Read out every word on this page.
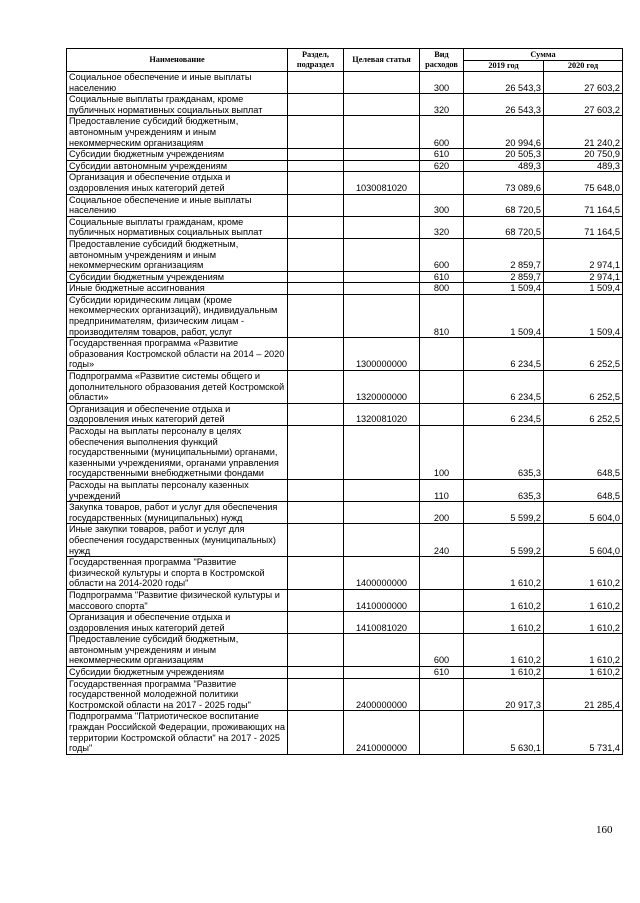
Наименование	Раздел, подраздел	Целевая статья	Вид расходов	Сумма	
				2019 год	2020 год
Социальное обеспечение и иные выплаты населению			300	26 543,3	27 603,2
Социальные выплаты гражданам, кроме публичных нормативных социальных выплат			320	26 543,3	27 603,2
Предоставление субсидий бюджетным, автономным учреждениям и иным некоммерческим организациям			600	20 994,6	21 240,2
Субсидии бюджетным учреждениям			610	20 505,3	20 750,9
Субсидии автономным учреждениям			620	489,3	489,3
Организация и обеспечение отдыха и оздоровления иных категорий детей		1030081020		73 089,6	75 648,0
Социальное обеспечение и иные выплаты населению			300	68 720,5	71 164,5
Социальные выплаты гражданам, кроме публичных нормативных социальных выплат			320	68 720,5	71 164,5
Предоставление субсидий бюджетным, автономным учреждениям и иным некоммерческим организациям			600	2 859,7	2 974,1
Субсидии бюджетным учреждениям			610	2 859,7	2 974,1
Иные бюджетные ассигнования			800	1 509,4	1 509,4
Субсидии юридическим лицам (кроме некоммерческих организаций), индивидуальным предпринимателям, физическим лицам - производителям товаров, работ, услуг			810	1 509,4	1 509,4
Государственная программа «Развитие образования Костромской области на 2014 – 2020 годы»		1300000000		6 234,5	6 252,5
Подпрограмма «Развитие системы общего и дополнительного образования детей Костромской области»		1320000000		6 234,5	6 252,5
Организация и обеспечение отдыха и оздоровления иных категорий детей		1320081020		6 234,5	6 252,5
Расходы на выплаты персоналу в целях обеспечения выполнения функций государственными (муниципальными) органами, казенными учреждениями, органами управления государственными внебюджетными фондами			100	635,3	648,5
Расходы на выплаты персоналу казенных учреждений			110	635,3	648,5
Закупка товаров, работ и услуг для обеспечения государственных (муниципальных) нужд			200	5 599,2	5 604,0
Иные закупки товаров, работ и услуг для обеспечения государственных (муниципальных) нужд			240	5 599,2	5 604,0
Государственная программа "Развитие физической культуры и спорта в Костромской области на 2014-2020 годы"		1400000000		1 610,2	1 610,2
Подпрограмма "Развитие физической культуры и массового спорта"		1410000000		1 610,2	1 610,2
Организация и обеспечение отдыха и оздоровления иных категорий детей		1410081020		1 610,2	1 610,2
Предоставление субсидий бюджетным, автономным учреждениям и иным некоммерческим организациям			600	1 610,2	1 610,2
Субсидии бюджетным учреждениям			610	1 610,2	1 610,2
Государственная программа "Развитие государственной молодежной политики Костромской области на 2017 - 2025 годы"		2400000000		20 917,3	21 285,4
Подпрограмма "Патриотическое воспитание граждан Российской Федерации, проживающих на территории Костромской области" на 2017 - 2025 годы"		2410000000		5 630,1	5 731,4
160
